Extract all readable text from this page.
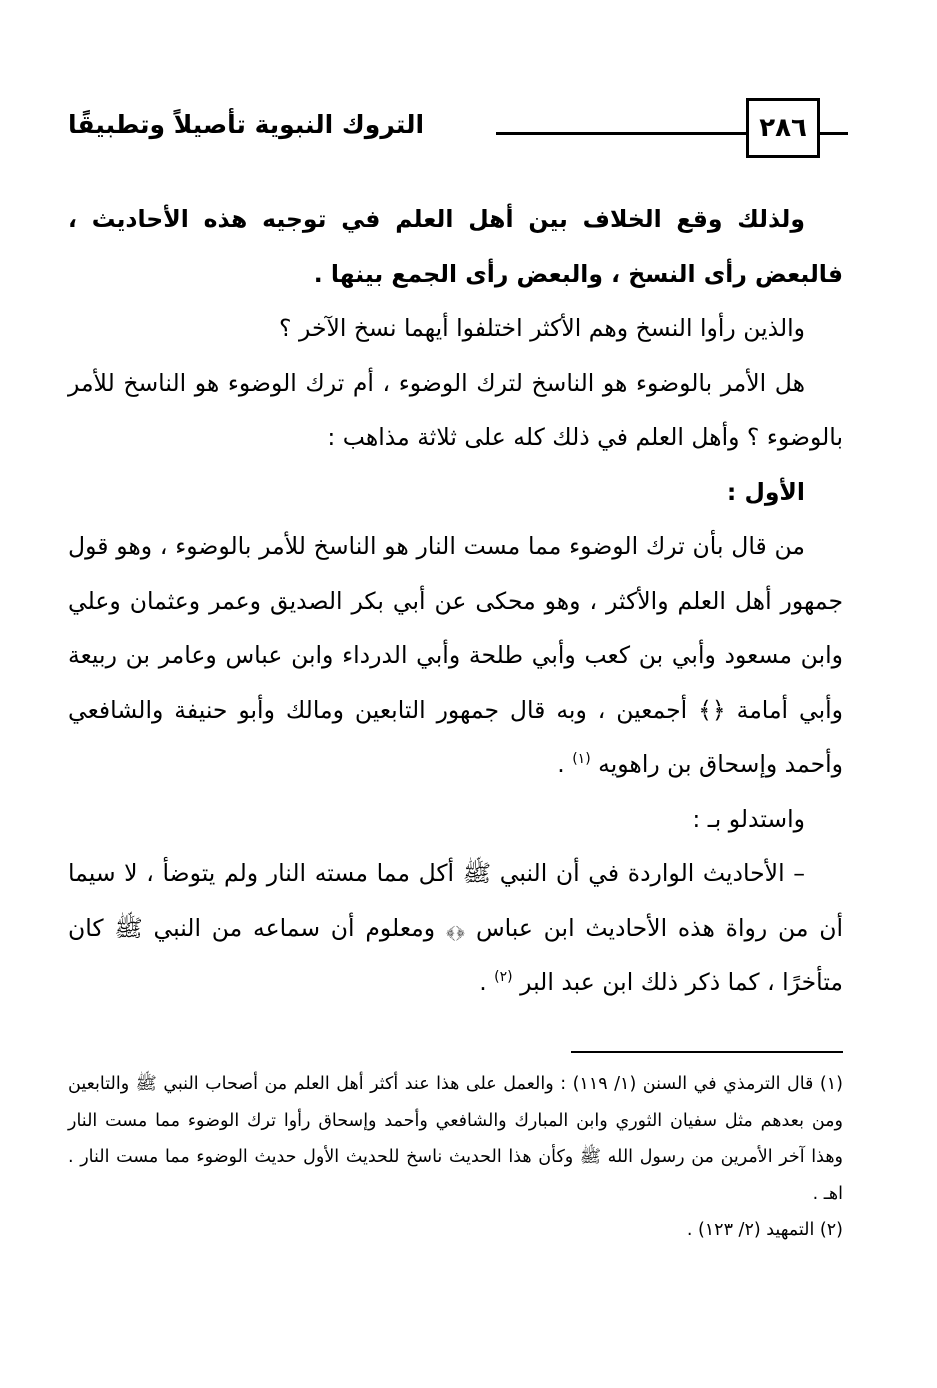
٢٨٦
التروك النبوية تأصيلاً وتطبيقًا

ولذلك وقع الخلاف بين أهل العلم في توجيه هذه الأحاديث ، فالبعض رأى النسخ ، والبعض رأى الجمع بينها .

والذين رأوا النسخ وهم الأكثر اختلفوا أيهما نسخ الآخر ؟

هل الأمر بالوضوء هو الناسخ لترك الوضوء ، أم ترك الوضوء هو الناسخ للأمر بالوضوء ؟ وأهل العلم في ذلك كله على ثلاثة مذاهب :

الأول :

من قال بأن ترك الوضوء مما مست النار هو الناسخ للأمر بالوضوء ، وهو قول جمهور أهل العلم والأكثر ، وهو محكى عن أبي بكر الصديق وعمر وعثمان وعلي وابن مسعود وأبي بن كعب وأبي طلحة وأبي الدرداء وابن عباس وعامر بن ربيعة وأبي أمامة ﴿﴾ أجمعين ، وبه قال جمهور التابعين ومالك وأبو حنيفة والشافعي وأحمد وإسحاق بن راهويه $^{(١)}$ .

واستدلو بـ :

– الأحاديث الواردة في أن النبي ﷺ أكل مما مسته النار ولم يتوضأ ، لا سيما أن من رواة هذه الأحاديث ابن عباس ﴿﴾ ومعلوم أن سماعه من النبي ﷺ كان متأخرًا ، كما ذكر ذلك ابن عبد البر $^{(٢)}$ .

(١) قال الترمذي في السنن (١/ ١١٩) : والعمل على هذا عند أكثر أهل العلم من أصحاب النبي ﷺ والتابعين ومن بعدهم مثل سفيان الثوري وابن المبارك والشافعي وأحمد وإسحاق رأوا ترك الوضوء مما مست النار وهذا آخر الأمرين من رسول الله ﷺ وكأن هذا الحديث ناسخ للحديث الأول حديث الوضوء مما مست النار . اهـ .

(٢) التمهيد (٢/ ١٢٣) .
